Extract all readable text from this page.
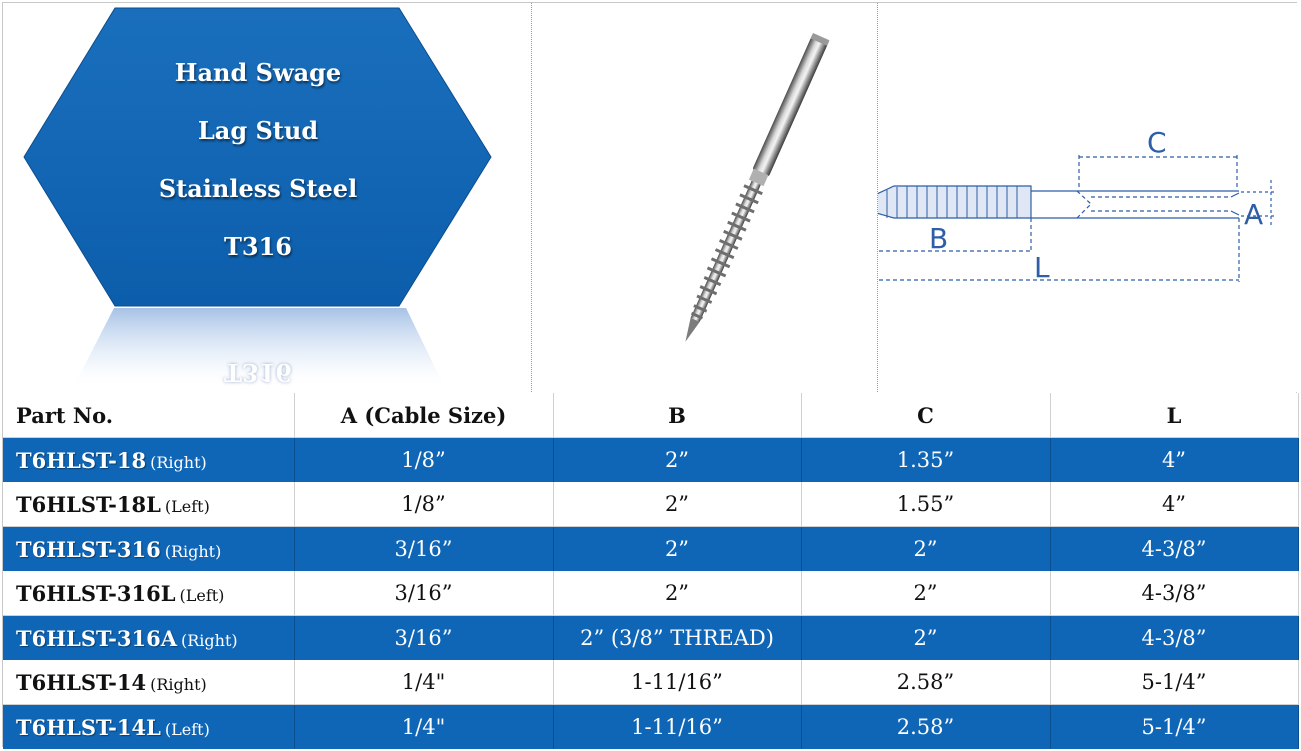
Hand Swage
Lag Stud
Stainless Steel
T316
T316
C
A
B
L
Part No.	A (Cable Size)	B	C	L
T6HLST-18 (Right)	1/8”	2”	1.35”	4”
T6HLST-18L (Left)	1/8”	2”	1.55”	4”
T6HLST-316 (Right)	3/16”	2”	2”	4-3/8”
T6HLST-316L (Left)	3/16”	2”	2”	4-3/8”
T6HLST-316A (Right)	3/16”	2” (3/8” THREAD)	2”	4-3/8”
T6HLST-14 (Right)	1/4"	1-11/16”	2.58”	5-1/4”
T6HLST-14L (Left)	1/4"	1-11/16”	2.58”	5-1/4”
